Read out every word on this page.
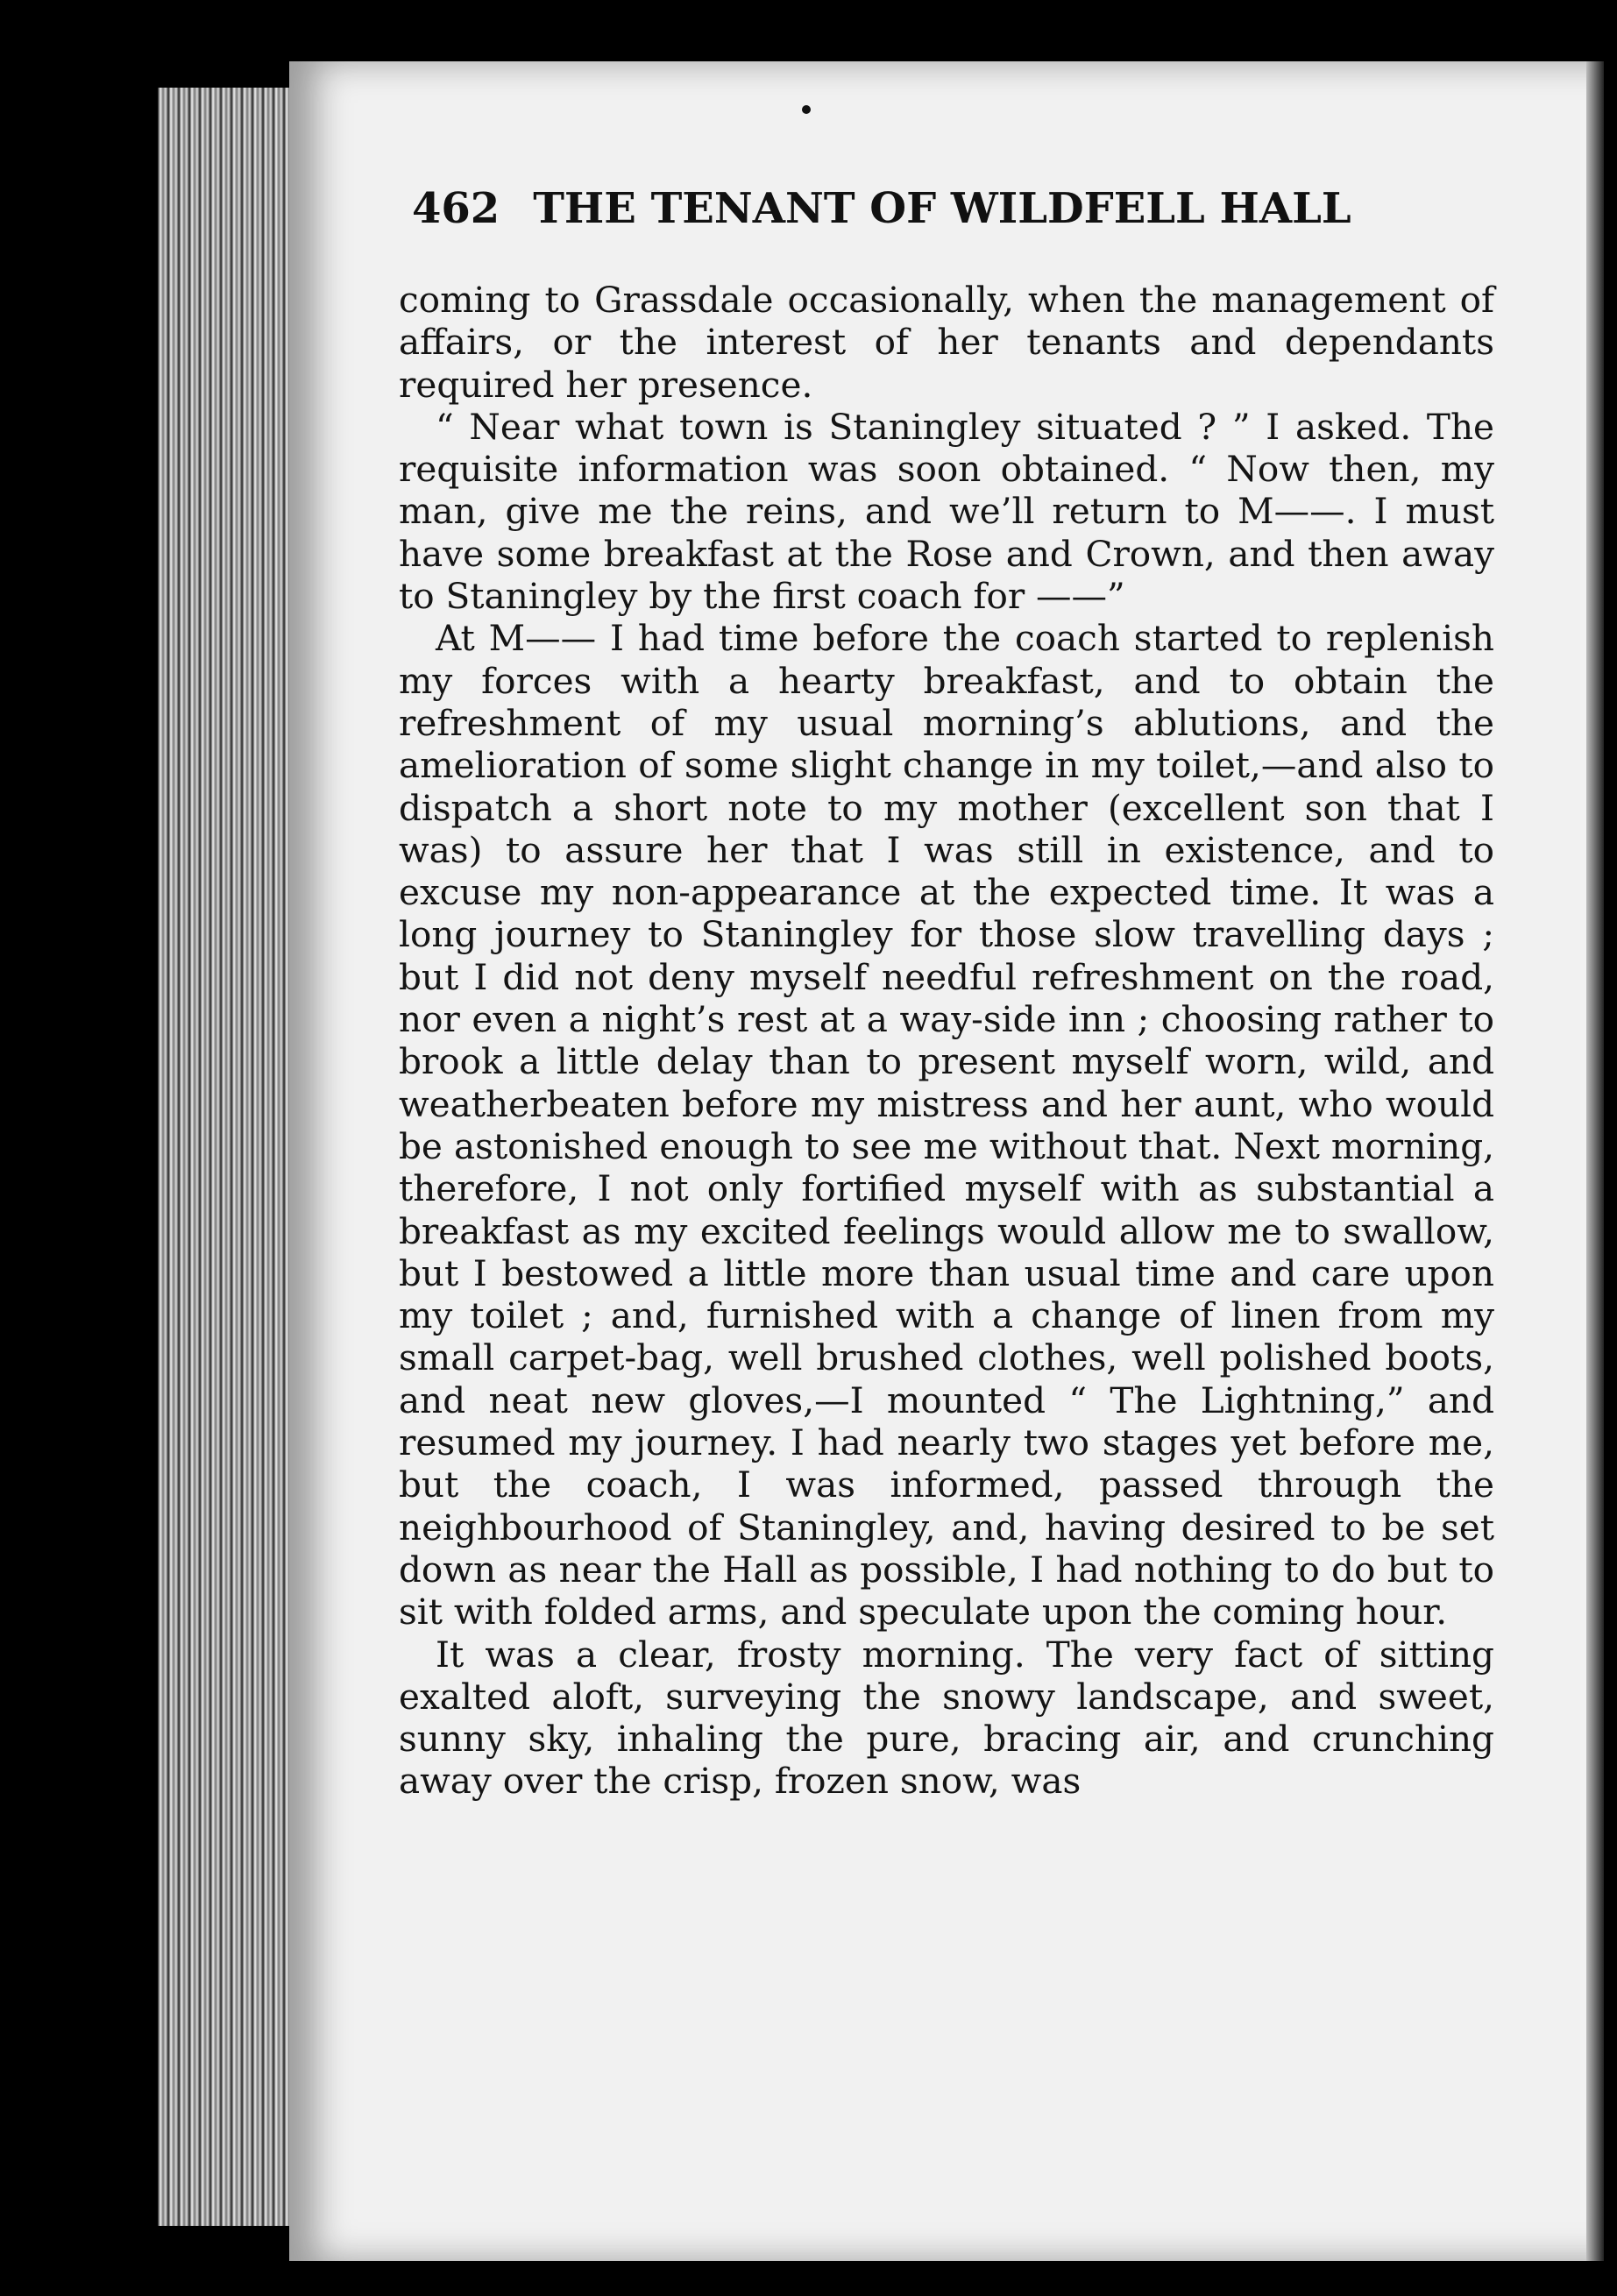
462 THE TENANT OF WILDFELL HALL

coming to Grassdale occasionally, when the management of affairs, or the interest of her tenants and dependants required her presence.

“ Near what town is Staningley situated ? ” I asked. The requisite information was soon obtained. “ Now then, my man, give me the reins, and we’ll return to M——. I must have some breakfast at the Rose and Crown, and then away to Staningley by the first coach for ——”

At M—— I had time before the coach started to replenish my forces with a hearty breakfast, and to obtain the refreshment of my usual morning’s ablutions, and the amelioration of some slight change in my toilet,—and also to dispatch a short note to my mother (excellent son that I was) to assure her that I was still in existence, and to excuse my non-appearance at the expected time. It was a long journey to Staningley for those slow travelling days ; but I did not deny myself needful refreshment on the road, nor even a night’s rest at a way-side inn ; choosing rather to brook a little delay than to present myself worn, wild, and weatherbeaten before my mistress and her aunt, who would be astonished enough to see me without that. Next morning, therefore, I not only fortified myself with as substantial a breakfast as my excited feelings would allow me to swallow, but I bestowed a little more than usual time and care upon my toilet ; and, furnished with a change of linen from my small carpet-bag, well brushed clothes, well polished boots, and neat new gloves,—I mounted “ The Lightning,” and resumed my journey. I had nearly two stages yet before me, but the coach, I was informed, passed through the neighbourhood of Staningley, and, having desired to be set down as near the Hall as possible, I had nothing to do but to sit with folded arms, and speculate upon the coming hour.

It was a clear, frosty morning. The very fact of sitting exalted aloft, surveying the snowy landscape, and sweet, sunny sky, inhaling the pure, bracing air, and crunching away over the crisp, frozen snow, was
